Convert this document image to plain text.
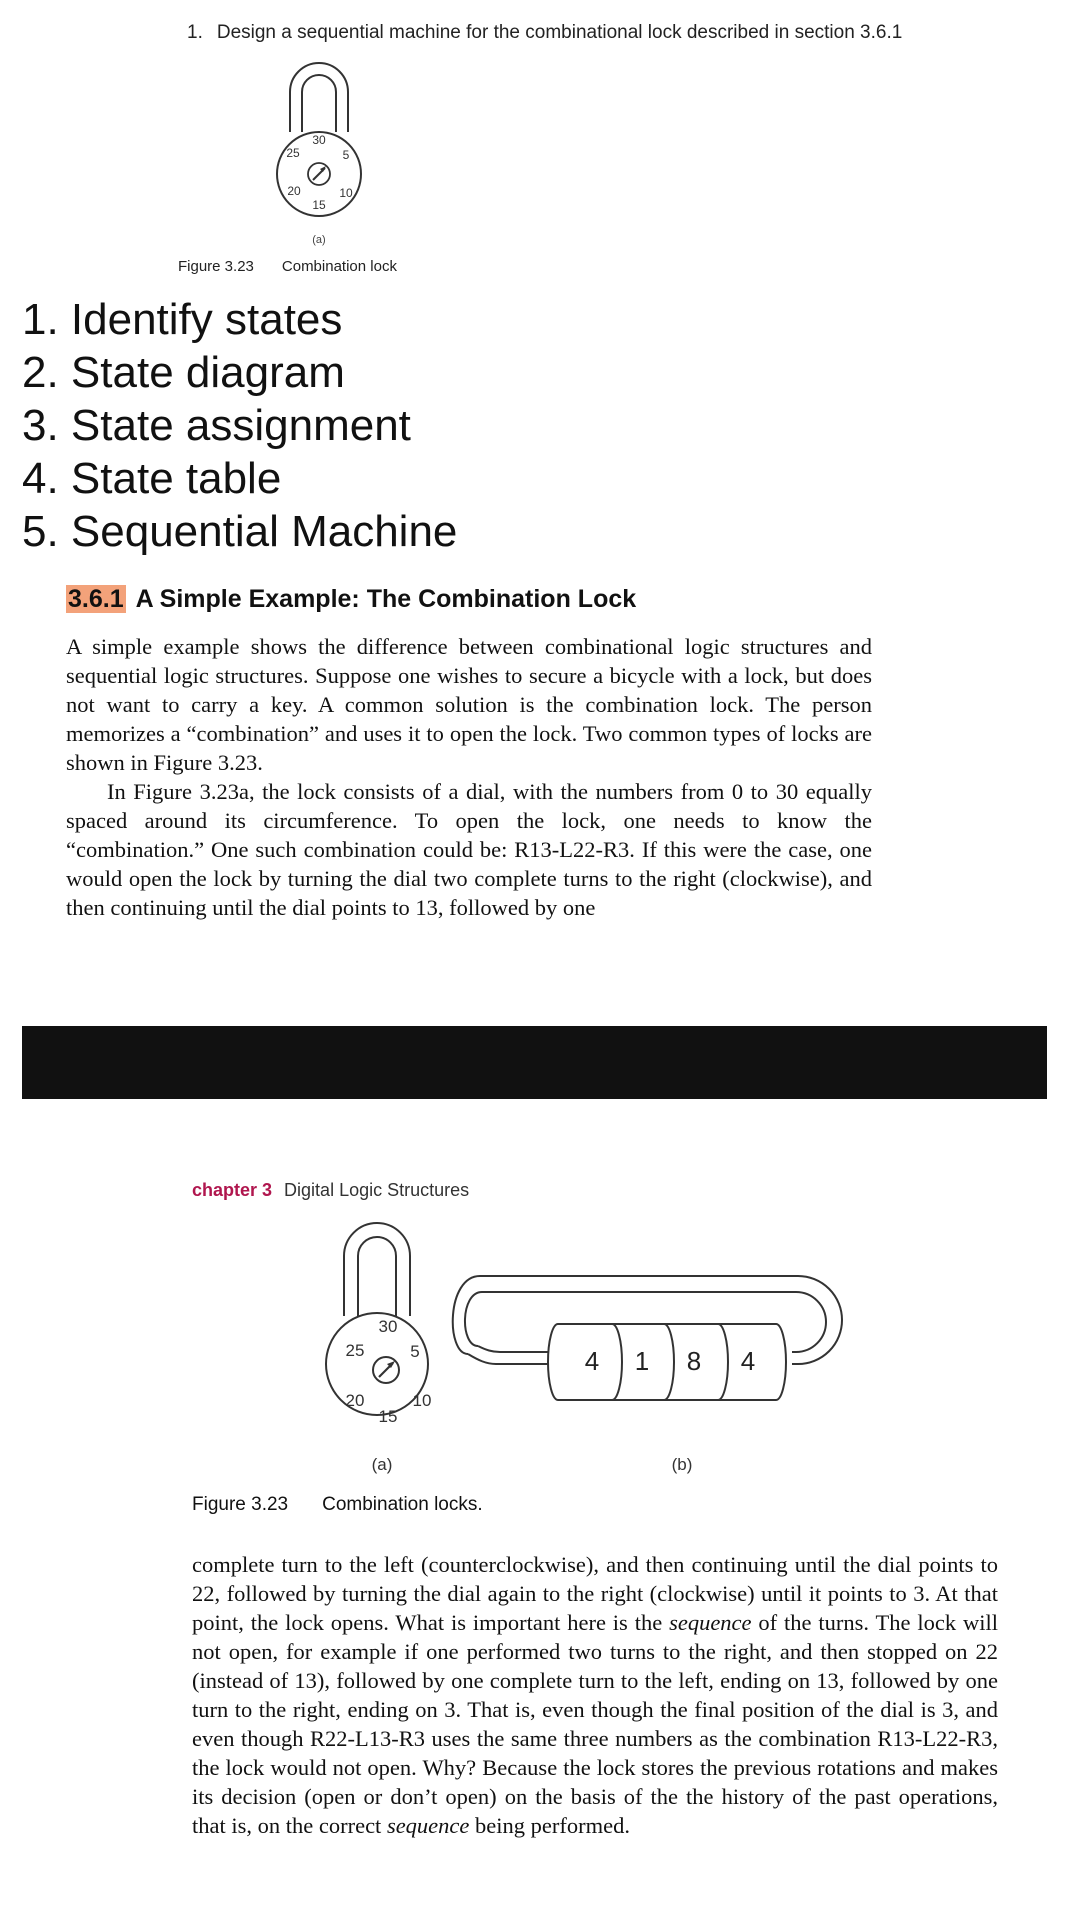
1. Design a sequential machine for the combinational lock described in section 3.6.1
30
25	5
20	10
15
(a)
Figure 3.23 Combination lock
1. Identify states
2. State diagram
3. State assignment
4. State table
5. Sequential Machine
3.6.1 A Simple Example: The Combination Lock

A simple example shows the difference between combinational logic structures and sequential logic structures. Suppose one wishes to secure a bicycle with a lock, but does not want to carry a key. A common solution is the combination lock. The person memorizes a “combination” and uses it to open the lock. Two common types of locks are shown in Figure 3.23.

In Figure 3.23a, the lock consists of a dial, with the numbers from 0 to 30 equally spaced around its circumference. To open the lock, one needs to know the “combination.” One such combination could be: R13-L22-R3. If this were the case, one would open the lock by turning the dial two complete turns to the right (clockwise), and then continuing until the dial points to 13, followed by one

chapter 3 Digital Logic Structures
30
25	5
20	10
15
(a)
4 1 8 4
(b)
Figure 3.23 Combination locks.

complete turn to the left (counterclockwise), and then continuing until the dial points to 22, followed by turning the dial again to the right (clockwise) until it points to 3. At that point, the lock opens. What is important here is the sequence of the turns. The lock will not open, for example if one performed two turns to the right, and then stopped on 22 (instead of 13), followed by one complete turn to the left, ending on 13, followed by one turn to the right, ending on 3. That is, even though the final position of the dial is 3, and even though R22-L13-R3 uses the same three numbers as the combination R13-L22-R3, the lock would not open. Why? Because the lock stores the previous rotations and makes its decision (open or don’t open) on the basis of the the history of the past operations, that is, on the correct sequence being performed.
